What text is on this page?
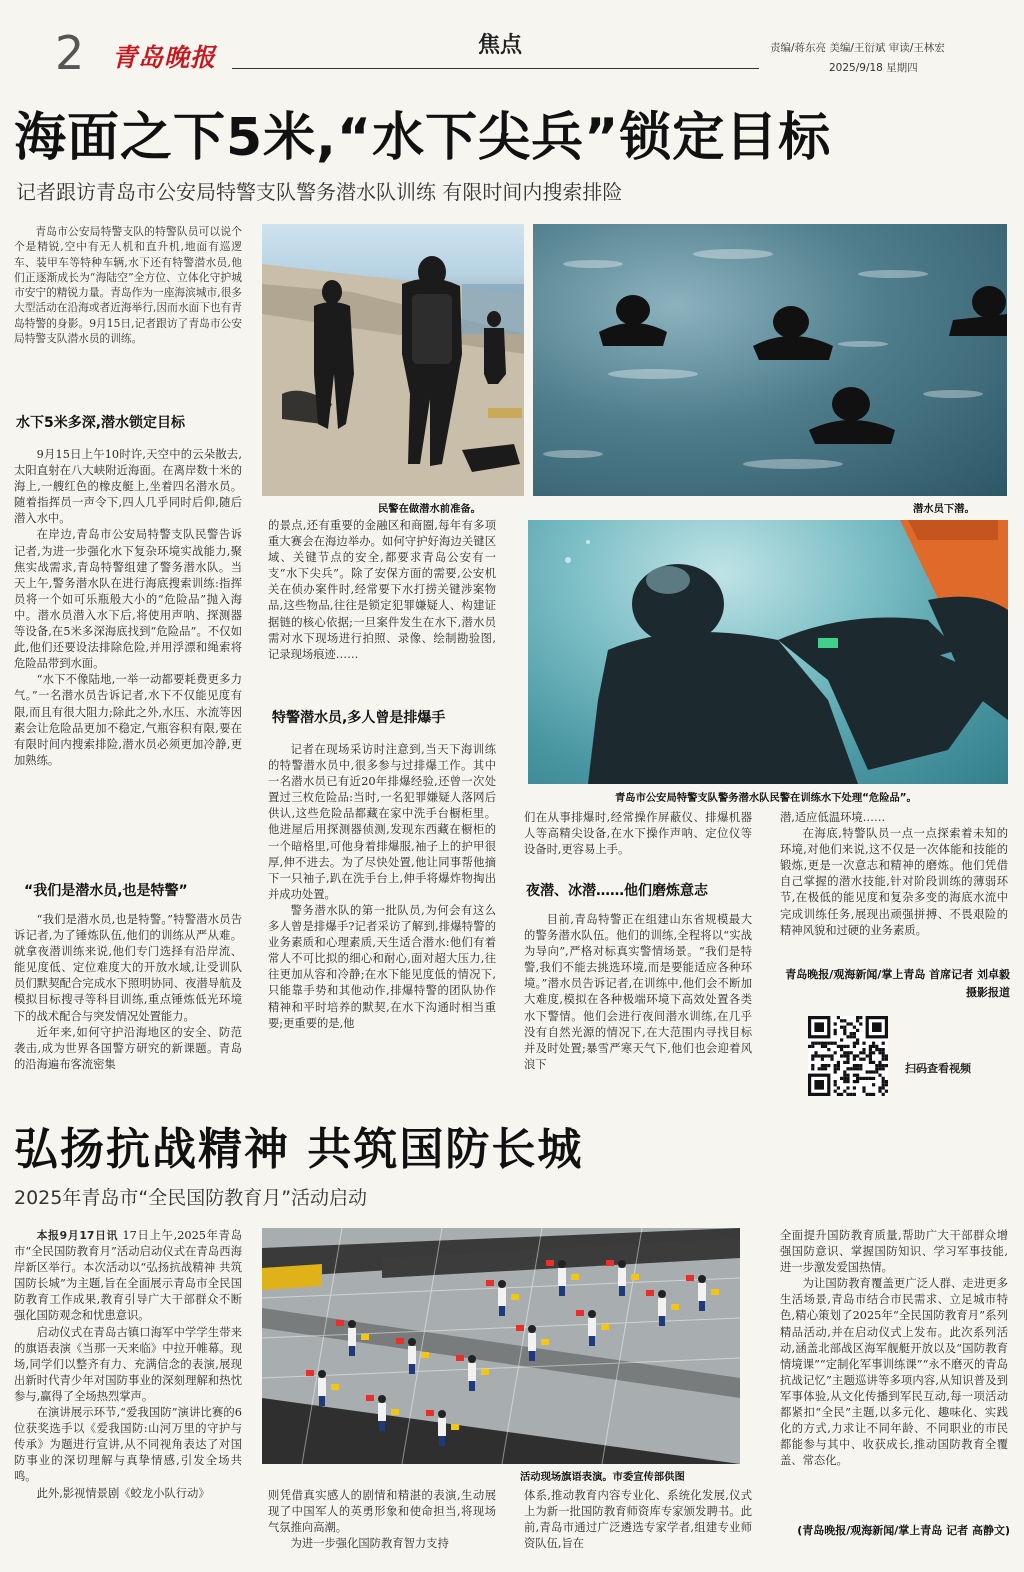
2 青岛晚报	焦点	责编/蒋东亮 美编/王衍斌 审读/王林宏
2025/9/18 星期四
海面之下5米,“水下尖兵”锁定目标
记者跟访青岛市公安局特警支队警务潜水队训练 有限时间内搜索排险

青岛市公安局特警支队的特警队员可以说个个是精锐,空中有无人机和直升机,地面有巡逻车、装甲车等特种车辆,水下还有特警潜水员,他们正逐渐成长为“海陆空”全方位、立体化守护城市安宁的精锐力量。青岛作为一座海滨城市,很多大型活动在沿海或者近海举行,因而水面下也有青岛特警的身影。9月15日,记者跟访了青岛市公安局特警支队潜水员的训练。

水下5米多深,潜水锁定目标

9月15日上午10时许,天空中的云朵散去,太阳直射在八大峡附近海面。在离岸数十米的海上,一艘红色的橡皮艇上,坐着四名潜水员。随着指挥员一声令下,四人几乎同时后仰,随后潜入水中。

在岸边,青岛市公安局特警支队民警告诉记者,为进一步强化水下复杂环境实战能力,聚焦实战需求,青岛特警组建了警务潜水队。当天上午,警务潜水队在进行海底搜索训练:指挥员将一个如可乐瓶般大小的“危险品”抛入海中。潜水员潜入水下后,将使用声呐、探测器等设备,在5米多深海底找到“危险品”。不仅如此,他们还要设法排除危险,并用浮漂和绳索将危险品带到水面。

“水下不像陆地,一举一动都要耗费更多力气。”一名潜水员告诉记者,水下不仅能见度有限,而且有很大阻力;除此之外,水压、水流等因素会让危险品更加不稳定,气瓶容积有限,要在有限时间内搜索排险,潜水员必须更加冷静,更加熟练。

“我们是潜水员,也是特警”

“我们是潜水员,也是特警。”特警潜水员告诉记者,为了锤炼队伍,他们的训练从严从难。就拿夜潜训练来说,他们专门选择有沿岸流、能见度低、定位难度大的开放水域,让受训队员们默契配合完成水下照明协同、夜潜导航及模拟目标搜寻等科目训练,重点锤炼低光环境下的战术配合与突发情况处置能力。

近年来,如何守护沿海地区的安全、防范袭击,成为世界各国警方研究的新课题。青岛的沿海遍布客流密集

民警在做潜水前准备。	潜水员下潜。

的景点,还有重要的金融区和商圈,每年有多项重大赛会在海边举办。如何守护好海边关键区域、关键节点的安全,都要求青岛公安有一支“水下尖兵”。除了安保方面的需要,公安机关在侦办案件时,经常要下水打捞关键涉案物品,这些物品,往往是锁定犯罪嫌疑人、构建证据链的核心依据;一旦案件发生在水下,潜水员需对水下现场进行拍照、录像、绘制勘验图,记录现场痕迹……

特警潜水员,多人曾是排爆手

记者在现场采访时注意到,当天下海训练的特警潜水员中,很多参与过排爆工作。其中一名潜水员已有近20年排爆经验,还曾一次处置过三枚危险品:当时,一名犯罪嫌疑人落网后供认,这些危险品都藏在家中洗手台橱柜里。他进屋后用探测器侦测,发现东西藏在橱柜的一个暗格里,可他身着排爆服,袖子上的护甲很厚,伸不进去。为了尽快处置,他让同事帮他摘下一只袖子,趴在洗手台上,伸手将爆炸物掏出并成功处置。

警务潜水队的第一批队员,为何会有这么多人曾是排爆手?记者采访了解到,排爆特警的业务素质和心理素质,天生适合潜水:他们有着常人不可比拟的细心和耐心,面对超大压力,往往更加从容和冷静;在水下能见度低的情况下,只能靠手势和其他动作,排爆特警的团队协作精神和平时培养的默契,在水下沟通时相当重要;更重要的是,他

青岛市公安局特警支队警务潜水队民警在训练水下处理“危险品”。

们在从事排爆时,经常操作屏蔽仪、排爆机器人等高精尖设备,在水下操作声呐、定位仪等设备时,更容易上手。

夜潜、冰潜……他们磨炼意志

目前,青岛特警正在组建山东省规模最大的警务潜水队伍。他们的训练,全程将以“实战为导向”,严格对标真实警情场景。“我们是特警,我们不能去挑选环境,而是要能适应各种环境。”潜水员告诉记者,在训练中,他们会不断加大难度,模拟在各种极端环境下高效处置各类水下警情。他们会进行夜间潜水训练,在几乎没有自然光源的情况下,在大范围内寻找目标并及时处置;暴雪严寒天气下,他们也会迎着风浪下

潜,适应低温环境……

在海底,特警队员一点一点探索着未知的环境,对他们来说,这不仅是一次体能和技能的锻炼,更是一次意志和精神的磨炼。他们凭借自己掌握的潜水技能,针对阶段训练的薄弱环节,在极低的能见度和复杂多变的海底水流中完成训练任务,展现出顽强拼搏、不畏艰险的精神风貌和过硬的业务素质。

青岛晚报/观海新闻/掌上青岛 首席记者 刘卓毅 摄影报道
扫码查看视频
弘扬抗战精神 共筑国防长城
2025年青岛市“全民国防教育月”活动启动

本报9月17日讯 17日上午,2025年青岛市“全民国防教育月”活动启动仪式在青岛西海岸新区举行。本次活动以“弘扬抗战精神 共筑国防长城”为主题,旨在全面展示青岛市全民国防教育工作成果,教育引导广大干部群众不断强化国防观念和忧患意识。

启动仪式在青岛古镇口海军中学学生带来的旗语表演《当那一天来临》中拉开帷幕。现场,同学们以整齐有力、充满信念的表演,展现出新时代青少年对国防事业的深刻理解和热忱参与,赢得了全场热烈掌声。

在演讲展示环节,“爱我国防”演讲比赛的6位获奖选手以《爱我国防:山河万里的守护与传承》为题进行宣讲,从不同视角表达了对国防事业的深切理解与真挚情感,引发全场共鸣。

此外,影视情景剧《蛟龙小队行动》

活动现场旗语表演。市委宣传部供图

则凭借真实感人的剧情和精湛的表演,生动展现了中国军人的英勇形象和使命担当,将现场气氛推向高潮。

为进一步强化国防教育智力支持

体系,推动教育内容专业化、系统化发展,仪式上为新一批国防教育师资库专家颁发聘书。此前,青岛市通过广泛遴选专家学者,组建专业师资队伍,旨在

全面提升国防教育质量,帮助广大干部群众增强国防意识、掌握国防知识、学习军事技能,进一步激发爱国热情。

为让国防教育覆盖更广泛人群、走进更多生活场景,青岛市结合市民需求、立足城市特色,精心策划了2025年“全民国防教育月”系列精品活动,并在启动仪式上发布。此次系列活动,涵盖北部战区海军舰艇开放以及“国防教育情境课”“定制化军事训练课”“永不磨灭的青岛抗战记忆”主题巡讲等多项内容,从知识普及到军事体验,从文化传播到军民互动,每一项活动都紧扣“全民”主题,以多元化、趣味化、实践化的方式,力求让不同年龄、不同职业的市民都能参与其中、收获成长,推动国防教育全覆盖、常态化。

(青岛晚报/观海新闻/掌上青岛 记者 高静文)
